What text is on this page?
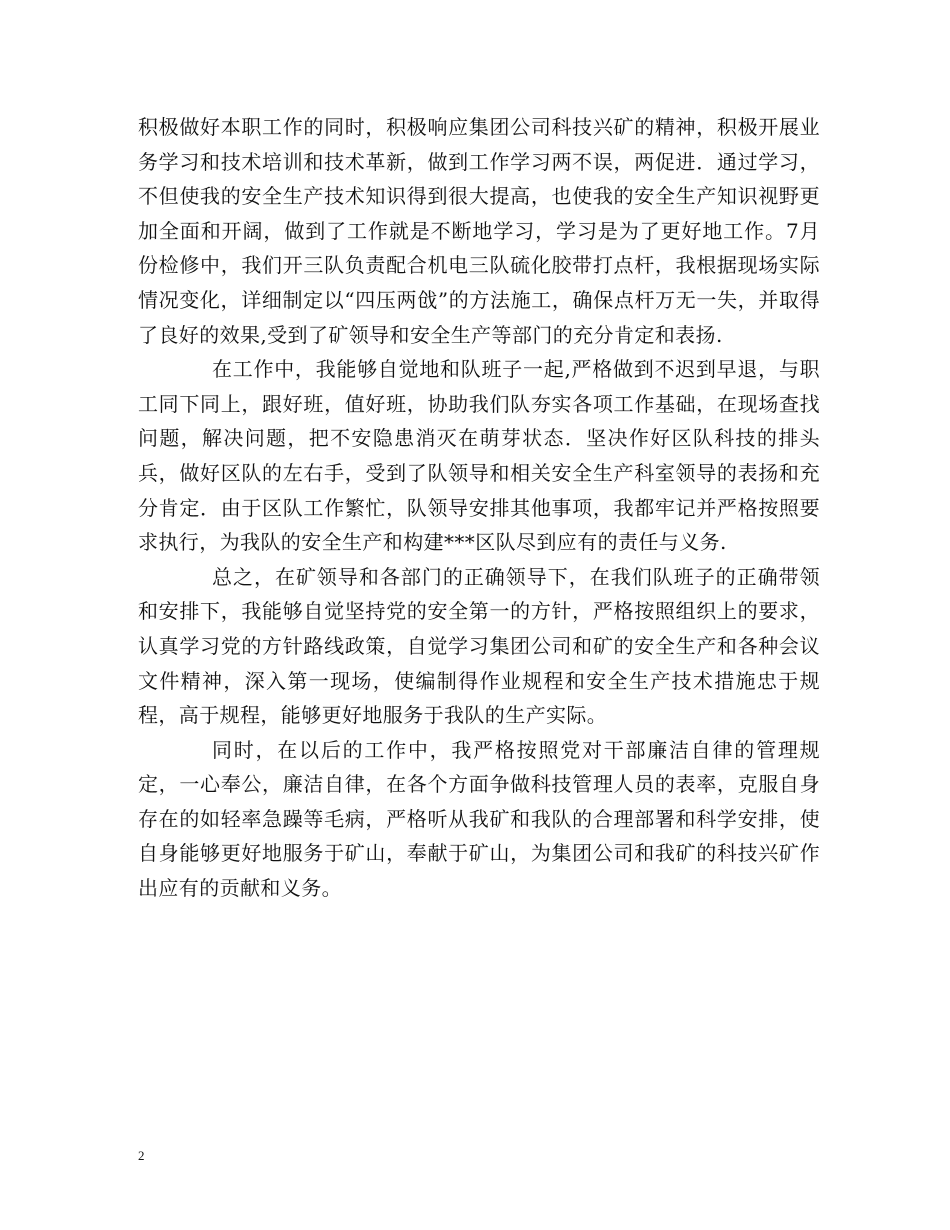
积极做好本职工作的同时，积极响应集团公司科技兴矿的精神，积极开展业务学习和技术培训和技术革新，做到工作学习两不误，两促进．通过学习，不但使我的安全生产技术知识得到很大提高，也使我的安全生产知识视野更加全面和开阔，做到了工作就是不断地学习，学习是为了更好地工作。7月份检修中，我们开三队负责配合机电三队硫化胶带打点杆，我根据现场实际情况变化，详细制定以“四压两戗”的方法施工，确保点杆万无一失，并取得了良好的效果,受到了矿领导和安全生产等部门的充分肯定和表扬.

在工作中，我能够自觉地和队班子一起,严格做到不迟到早退，与职工同下同上，跟好班，值好班，协助我们队夯实各项工作基础，在现场查找问题，解决问题，把不安隐患消灭在萌芽状态．坚决作好区队科技的排头兵，做好区队的左右手，受到了队领导和相关安全生产科室领导的表扬和充分肯定．由于区队工作繁忙，队领导安排其他事项，我都牢记并严格按照要求执行，为我队的安全生产和构建***区队尽到应有的责任与义务.

总之，在矿领导和各部门的正确领导下，在我们队班子的正确带领和安排下，我能够自觉坚持党的安全第一的方针，严格按照组织上的要求，认真学习党的方针路线政策，自觉学习集团公司和矿的安全生产和各种会议文件精神，深入第一现场，使编制得作业规程和安全生产技术措施忠于规程，高于规程，能够更好地服务于我队的生产实际。

同时，在以后的工作中，我严格按照党对干部廉洁自律的管理规定，一心奉公，廉洁自律，在各个方面争做科技管理人员的表率，克服自身存在的如轻率急躁等毛病，严格听从我矿和我队的合理部署和科学安排，使自身能够更好地服务于矿山，奉献于矿山，为集团公司和我矿的科技兴矿作出应有的贡献和义务。

2
